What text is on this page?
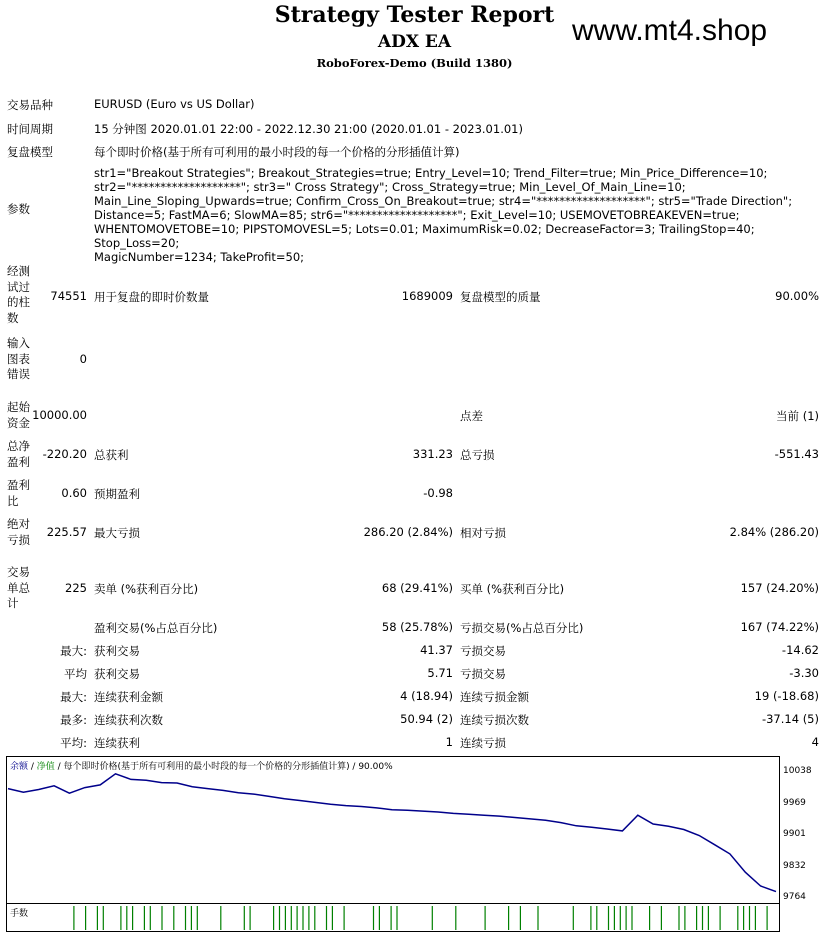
Strategy Tester Report
ADX EA
RoboForex-Demo (Build 1380)
www.mt4.shop
交易品种	EURUSD (Euro vs US Dollar)
时间周期	15 分钟图 2020.01.01 22:00 - 2022.12.30 21:00 (2020.01.01 - 2023.01.01)
复盘模型	每个即时价格(基于所有可利用的最小时段的每一个价格的分形插值计算)
参数
str1="Breakout Strategies"; Breakout_Strategies=true; Entry_Level=10; Trend_Filter=true; Min_Price_Difference=10;
str2="*******************"; str3=" Cross Strategy"; Cross_Strategy=true; Min_Level_Of_Main_Line=10;
Main_Line_Sloping_Upwards=true; Confirm_Cross_On_Breakout=true; str4="*******************"; str5="Trade Direction";
Distance=5; FastMA=6; SlowMA=85; str6="*******************"; Exit_Level=10; USEMOVETOBREAKEVEN=true;
WHENTOMOVETOBE=10; PIPSTOMOVESL=5; Lots=0.01; MaximumRisk=0.02; DecreaseFactor=3; TrailingStop=40; Stop_Loss=20;
MagicNumber=1234; TakeProfit=50;
经测试过的柱数
74551 用于复盘的即时价数量	1689009 复盘模型的质量	90.00%
输入图表错误
0
起始资金
10000.00	点差	当前 (1)
总净盈利
-220.20 总获利	331.23 总亏损	-551.43
盈利比
0.60 预期盈利	-0.98
绝对亏损
225.57 最大亏损	286.20 (2.84%) 相对亏损	2.84% (286.20)
交易单总计
225 卖单 (%获利百分比)	68 (29.41%) 买单 (%获利百分比)	157 (24.20%)
盈利交易(%占总百分比)	58 (25.78%) 亏损交易(%占总百分比)	167 (74.22%)
最大: 获利交易	41.37 亏损交易	-14.62
平均 获利交易	5.71 亏损交易	-3.30
最大: 连续获利金额	4 (18.94) 连续亏损金额	19 (-18.68)
最多: 连续获利次数	50.94 (2) 连续亏损次数	-37.14 (5)
平均: 连续获利	1 连续亏损	4
余额 / 净值 / 每个即时价格(基于所有可利用的最小时段的每一个价格的分形插值计算) / 90.00%
手数
10038
9969
9901
9832
9764
